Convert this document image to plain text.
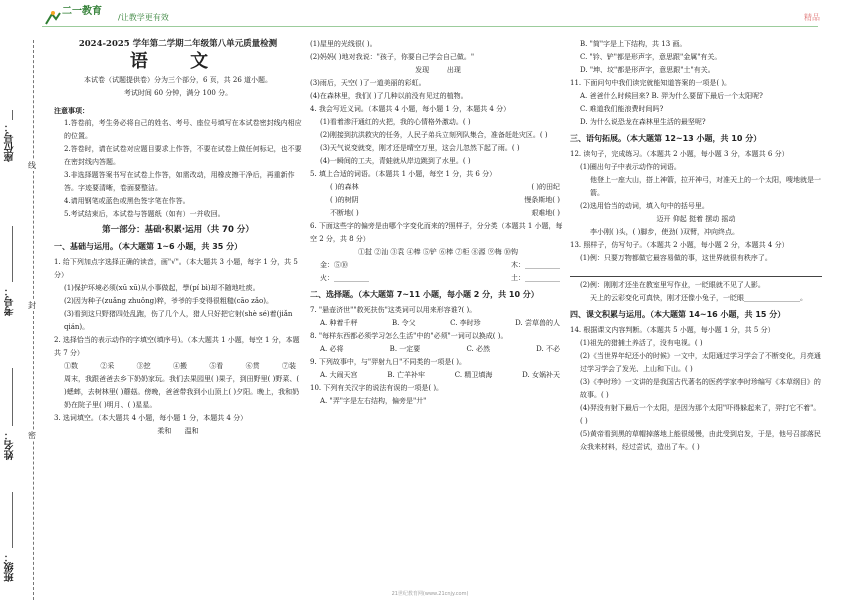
二一教育
/让教学更有效	精品
座位号：
考号：
姓名：
班级：
线
封
密
2024-2025 学年第二学期二年级第八单元质量检测
语 文
本试卷（试题提供卷）分为三个部分，6 页，共 26 道小题。
考试时间 60 分钟，满分 100 分。
注意事项：
1.答卷前，考生务必将自己的姓名、考号、座位号填写在本试卷密封线内相应的位置。
2.答卷时，请在试卷对应题目要求上作答，不要在试卷上做任何标记，也不要在密封线内答题。
3.非选择题答案书写在试卷上作答，如需改动，用橡皮擦干净后，再重新作答。字迹要清晰，卷面要整洁。
4.请用钢笔或蓝色或黑色签字笔在作答。
5.考试结束后，本试卷与答题纸（如有）一并收回。
第一部分：基础·积累·运用（共 70 分）
一、基础与运用。（本大题第 1~6 小题，共 35 分）
1. 给下列加点字选择正确的读音，画"√"。（本大题共 3 小题，每字 1 分，共 5 分）
(1)保护环境必须(xū xū)从小事做起，學(pí bì)却不随地吐痰。
(2)因为种子(zuǎng zhuǒng)粹，爷爷的手变得很粗糙(cāo zǎo)。
(3)看到这只野猪四处乱跑，伤了几个人，猎人只好把它射(shè sé)着(jiǎn qián)。
2. 选择恰当的表示动作的字填空(填序号)。（本大题共 1 小题，每空 1 分，本题共 7 分）
①数	②采	③挖	④搬	⑤看	⑥贯	⑦装
周末，我跟爸爸去乡下奶奶家玩。我们去果园里( )果子，到田野里( )野菜、( )蟋蟀，去树林里( )蘑菇。傍晚，爸爸带我到小山顶上( )夕阳。晚上，我和奶奶在院子里( )明月、( )星星。
3. 选词填空。（本大题共 4 小题，每小题 1 分，本题共 4 分）
柔和 温和
(1)屋里的光线很( )。
(2)妈妈( )地对我说："孩子，你要自己学会自己做。"
发现	出现
(3)雨后，天空( )了一道美丽的彩虹。
(4)在森林里，我们( )了几种以前没有见过的植物。
4. 我会写近义词。（本题共 4 小题，每小题 1 分，本题共 4 分）
(1)看着渗汗通红的火把，我的心情格外激动。( )
(2)刚接到抗洪救灾的任务，人民子弟兵立刻列队集合，准备赶赴灾区。( )
(3)天气说变就变，刚才还是晴空万里，这会儿忽然下起了雨。( )
(4)一瞬间的工夫，青蛙就从岸边跳到了水里。( )
5. 填上合适的词语。（本题共 1 小题，每空 1 分，共 6 分）
( )的森林	( )的田纪
( )的树阴	慢条斯地( )
不断地( )	艰难地( )
6. 下面这些字的偏旁是由哪个字变化而来的?照样子，分分类（本题共 1 小题，每空 2 分，共 8 分）
①挝 ②汕 ③袁 ④棒 ⑤铲 ⑥棒 ⑦柜 ⑧源 ⑨梅 ⑩钩
金：⑤⑩	木：__________
火：__________	土：__________
二、选择题。（本大题第 7~11 小题，每小题 2 分，共 10 分）
7. "悬壶济世""救死扶伤"这类词可以用来形容谁?( )。
A. 种着千秤	B. 令父	C. 李时珍	D. 尝草兽的人
8. "每样东西都必须学习怎么生活"中的"必须"一词可以换成( )。
A. 必将	B. 一定要	C. 必然	D. 不必
9. 下列故事中，与"羿射九日"不同类的一项是( )。
A. 大闹天宫	B. 亡羊补牢	C. 精卫填海	D. 女娲补天
10. 下列有关汉字的说法有误的一项是( )。
A. "弄"字是左右结构，偏旁是"廾"
B. "简"字是上下结构，共 13 画。
C. "钤、铲"都是形声字，意思跟"金属"有关。
D. "坤、坟"都是形声字，意思跟"土"有关。
11. 下面问句中我们读完就能知道答案的一项是( )。
A. 爸爸什么时候回来? B. 羿为什么要留下最后一个太阳呢?
C. 难道我们能浪费时间吗?
D. 为什么说恐龙在森林里生活的最坚呢?
三、语句拓展。（本大题第 12~13 小题，共 10 分）
12. 读句子，完成练习。（本题共 2 小题，每小题 3 分，本题共 6 分）
(1)圈出句子中表示动作的词语。
他登上一座大山，搭上神箭，拉开神弓，对准天上的一个太阳，嗖地就是一箭。
(2)选用恰当的动词，填入句中的括号里。
迈开 仰起 挺着 摆动 摇动
李小刚( )头，( )脚步，使劲( )双臂，冲向终点。
13. 照样子，仿写句子。（本题共 2 小题，每小题 2 分，本题共 4 分）
(1)例：只要万物都做它最容易做的事，这世界就很有秩序了。
(2)例：刚刚才还坐在教室里写作业，一眨眼就不见了人影。
天上的云彩变化可真快，刚才还像小兔子，一眨眼________________。
四、课文积累与运用。（本大题第 14~16 小题，共 15 分）
14. 根据课文内容判断。（本题共 5 小题，每小题 1 分，共 5 分）
(1)祖先的猎捕土养活了，没有电视。( )
(2)《当世界年纪还小的时候》一文中，太阳通过学习学会了不断变化，月亮通过学习学会了发光、上山和下山。( )
(3)《李时珍》一文讲的是我国古代著名的医药学家李时珍编写《本草纲目》的故事。( )
(4)羿没有射下最后一个太阳，是因为那个太阳"吓得躲起来了，羿打它不着"。( )
(5)黄帝看到黑的草帽掉落地上能很缓慢，由此受到启发，于是，他号召部落民众我来材料，经过尝试，造出了车。( )
21世纪教育网(www.21cnjy.com)
